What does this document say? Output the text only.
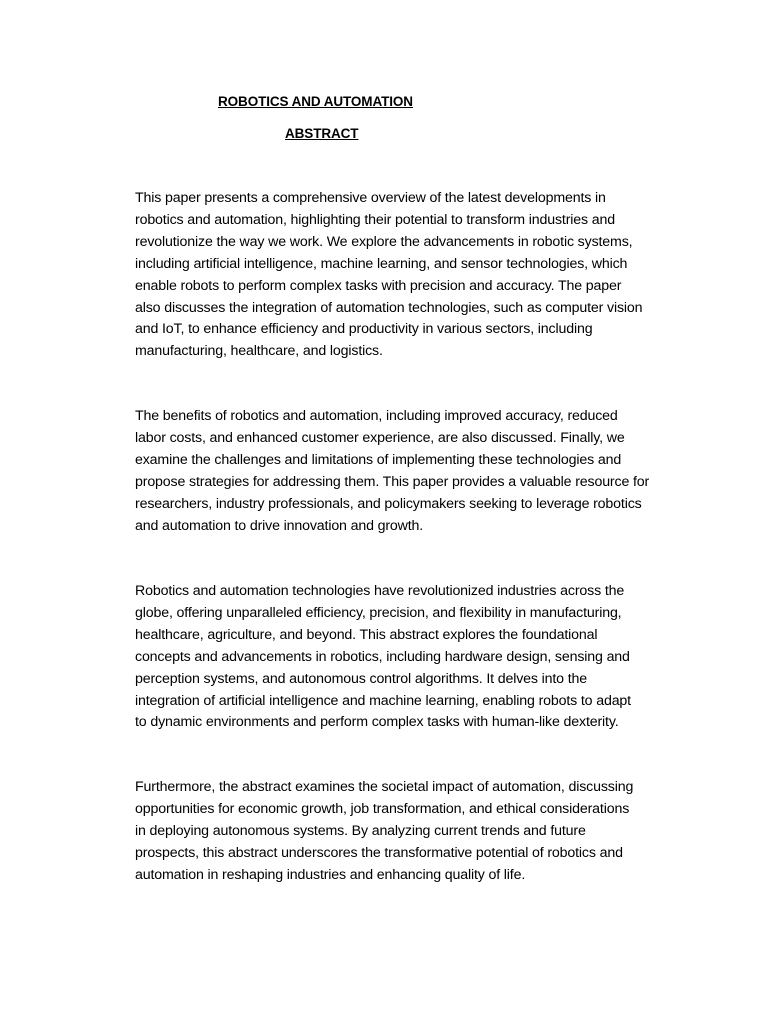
ROBOTICS AND AUTOMATION
ABSTRACT
This paper presents a comprehensive overview of the latest developments in
robotics and automation, highlighting their potential to transform industries and
revolutionize the way we work. We explore the advancements in robotic systems,
including artificial intelligence, machine learning, and sensor technologies, which
enable robots to perform complex tasks with precision and accuracy. The paper
also discusses the integration of automation technologies, such as computer vision
and IoT, to enhance efficiency and productivity in various sectors, including
manufacturing, healthcare, and logistics.
The benefits of robotics and automation, including improved accuracy, reduced
labor costs, and enhanced customer experience, are also discussed. Finally, we
examine the challenges and limitations of implementing these technologies and
propose strategies for addressing them. This paper provides a valuable resource for
researchers, industry professionals, and policymakers seeking to leverage robotics
and automation to drive innovation and growth.
Robotics and automation technologies have revolutionized industries across the
globe, offering unparalleled efficiency, precision, and flexibility in manufacturing,
healthcare, agriculture, and beyond. This abstract explores the foundational
concepts and advancements in robotics, including hardware design, sensing and
perception systems, and autonomous control algorithms. It delves into the
integration of artificial intelligence and machine learning, enabling robots to adapt
to dynamic environments and perform complex tasks with human-like dexterity.
Furthermore, the abstract examines the societal impact of automation, discussing
opportunities for economic growth, job transformation, and ethical considerations
in deploying autonomous systems. By analyzing current trends and future
prospects, this abstract underscores the transformative potential of robotics and
automation in reshaping industries and enhancing quality of life.
